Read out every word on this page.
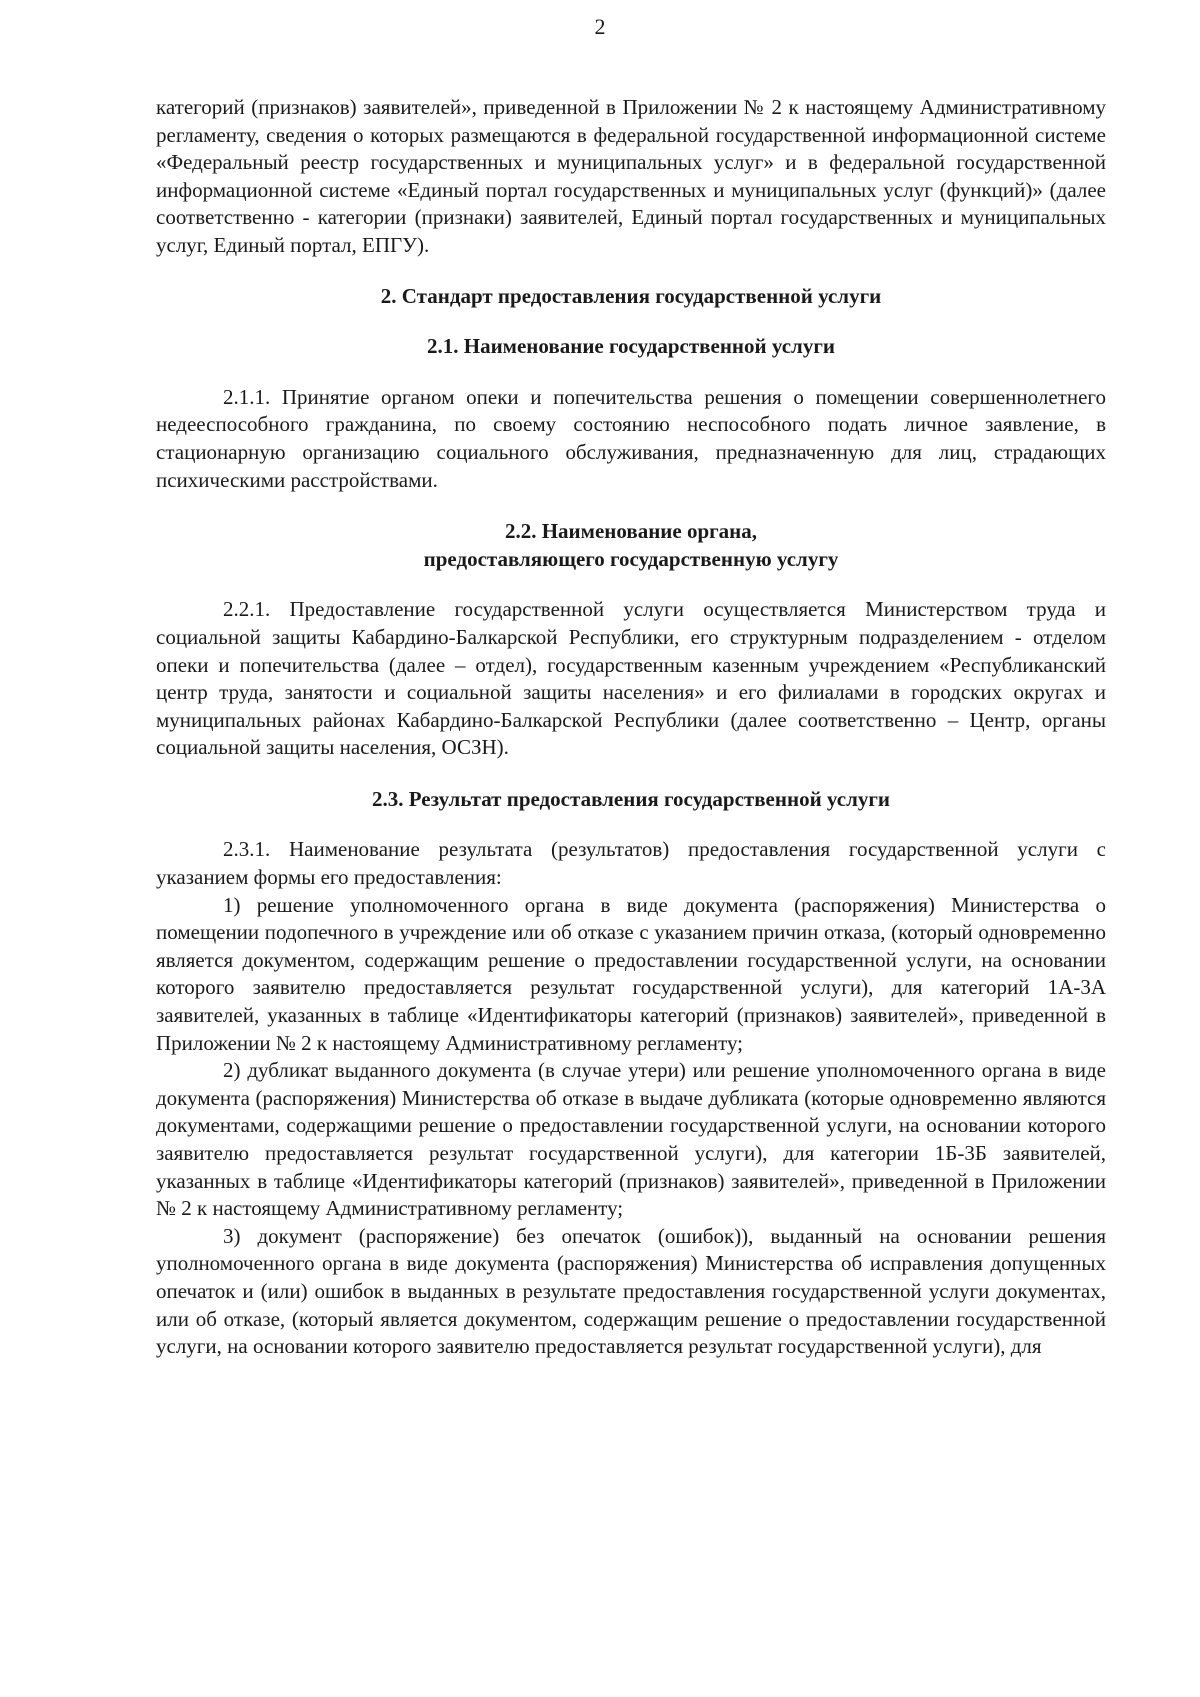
2

категорий (признаков) заявителей», приведенной в Приложении № 2 к настоящему Административному регламенту, сведения о которых размещаются в федеральной государственной информационной системе «Федеральный реестр государственных и муниципальных услуг» и в федеральной государственной информационной системе «Единый портал государственных и муниципальных услуг (функций)» (далее соответственно - категории (признаки) заявителей, Единый портал государственных и муниципальных услуг, Единый портал, ЕПГУ).

2. Стандарт предоставления государственной услуги

2.1. Наименование государственной услуги

2.1.1. Принятие органом опеки и попечительства решения о помещении совершеннолетнего недееспособного гражданина, по своему состоянию неспособного подать личное заявление, в стационарную организацию социального обслуживания, предназначенную для лиц, страдающих психическими расстройствами.

2.2. Наименование органа,

предоставляющего государственную услугу

2.2.1. Предоставление государственной услуги осуществляется Министерством труда и социальной защиты Кабардино-Балкарской Республики, его структурным подразделением - отделом опеки и попечительства (далее – отдел), государственным казенным учреждением «Республиканский центр труда, занятости и социальной защиты населения» и его филиалами в городских округах и муниципальных районах Кабардино-Балкарской Республики (далее соответственно – Центр, органы социальной защиты населения, ОСЗН).

2.3. Результат предоставления государственной услуги

2.3.1. Наименование результата (результатов) предоставления государственной услуги с указанием формы его предоставления:

1) решение уполномоченного органа в виде документа (распоряжения) Министерства о помещении подопечного в учреждение или об отказе с указанием причин отказа, (который одновременно является документом, содержащим решение о предоставлении государственной услуги, на основании которого заявителю предоставляется результат государственной услуги), для категорий 1А-3А заявителей, указанных в таблице «Идентификаторы категорий (признаков) заявителей», приведенной в Приложении № 2 к настоящему Административному регламенту;

2) дубликат выданного документа (в случае утери) или решение уполномоченного органа в виде документа (распоряжения) Министерства об отказе в выдаче дубликата (которые одновременно являются документами, содержащими решение о предоставлении государственной услуги, на основании которого заявителю предоставляется результат государственной услуги), для категории 1Б-3Б заявителей, указанных в таблице «Идентификаторы категорий (признаков) заявителей», приведенной в Приложении № 2 к настоящему Административному регламенту;

3) документ (распоряжение) без опечаток (ошибок)), выданный на основании решения уполномоченного органа в виде документа (распоряжения) Министерства об исправления допущенных опечаток и (или) ошибок в выданных в результате предоставления государственной услуги документах, или об отказе, (который является документом, содержащим решение о предоставлении государственной услуги, на основании которого заявителю предоставляется результат государственной услуги), для
